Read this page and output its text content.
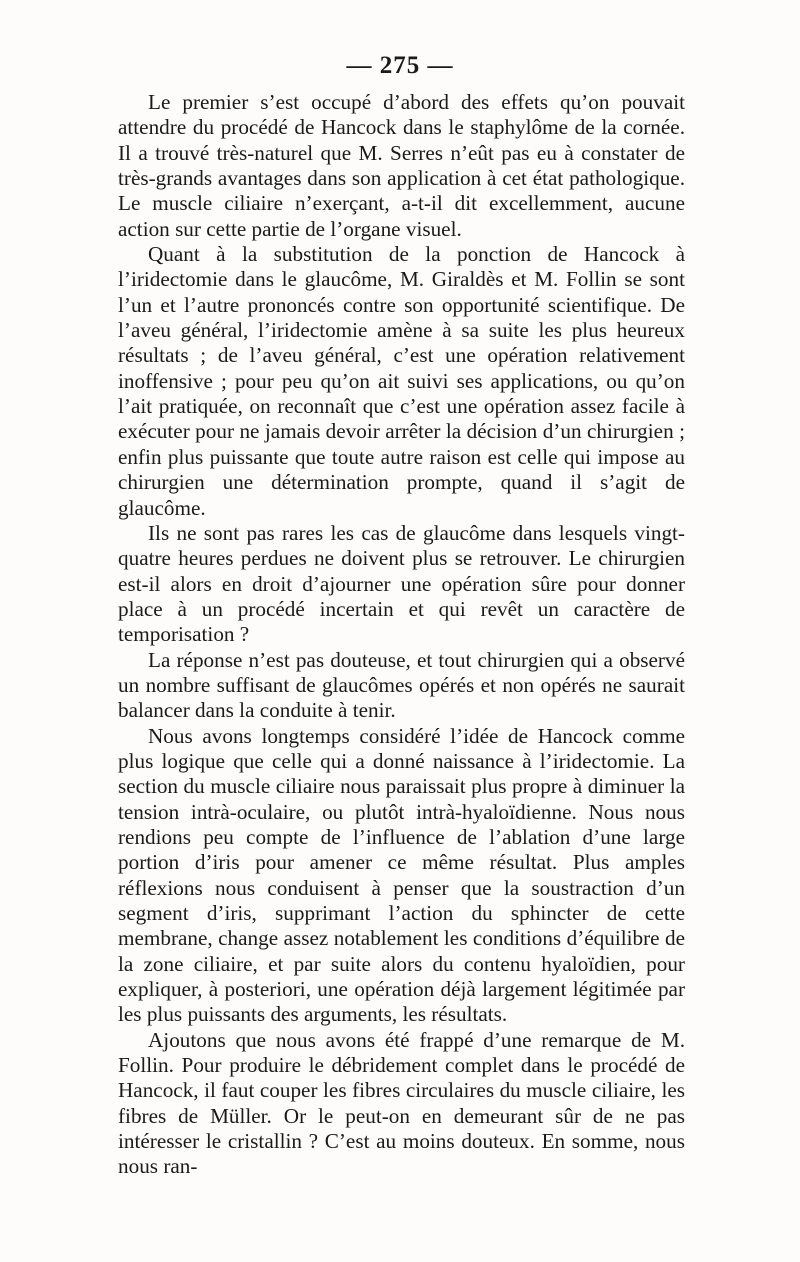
— 275 —

Le premier s’est occupé d’abord des effets qu’on pouvait attendre du procédé de Hancock dans le staphylôme de la cornée. Il a trouvé très-naturel que M. Serres n’eût pas eu à constater de très-grands avantages dans son application à cet état pathologique. Le muscle ciliaire n’exerçant, a-t-il dit excellemment, aucune action sur cette partie de l’organe visuel.

Quant à la substitution de la ponction de Hancock à l’iridectomie dans le glaucôme, M. Giraldès et M. Follin se sont l’un et l’autre prononcés contre son opportunité scientifique. De l’aveu général, l’iridectomie amène à sa suite les plus heureux résultats ; de l’aveu général, c’est une opération relativement inoffensive ; pour peu qu’on ait suivi ses applications, ou qu’on l’ait pratiquée, on reconnaît que c’est une opération assez facile à exécuter pour ne jamais devoir arrêter la décision d’un chirurgien ; enfin plus puissante que toute autre raison est celle qui impose au chirurgien une détermination prompte, quand il s’agit de glaucôme.

Ils ne sont pas rares les cas de glaucôme dans lesquels vingt-quatre heures perdues ne doivent plus se retrouver. Le chirurgien est-il alors en droit d’ajourner une opération sûre pour donner place à un procédé incertain et qui revêt un caractère de temporisation ?

La réponse n’est pas douteuse, et tout chirurgien qui a observé un nombre suffisant de glaucômes opérés et non opérés ne saurait balancer dans la conduite à tenir.

Nous avons longtemps considéré l’idée de Hancock comme plus logique que celle qui a donné naissance à l’iridectomie. La section du muscle ciliaire nous paraissait plus propre à diminuer la tension intrà-oculaire, ou plutôt intrà-hyaloïdienne. Nous nous rendions peu compte de l’influence de l’ablation d’une large portion d’iris pour amener ce même résultat. Plus amples réflexions nous conduisent à penser que la soustraction d’un segment d’iris, supprimant l’action du sphincter de cette membrane, change assez notablement les conditions d’équilibre de la zone ciliaire, et par suite alors du contenu hyaloïdien, pour expliquer, à posteriori, une opération déjà largement légitimée par les plus puissants des arguments, les résultats.

Ajoutons que nous avons été frappé d’une remarque de M. Follin. Pour produire le débridement complet dans le procédé de Hancock, il faut couper les fibres circulaires du muscle ciliaire, les fibres de Müller. Or le peut-on en demeurant sûr de ne pas intéresser le cristallin ? C’est au moins douteux. En somme, nous nous ran-
